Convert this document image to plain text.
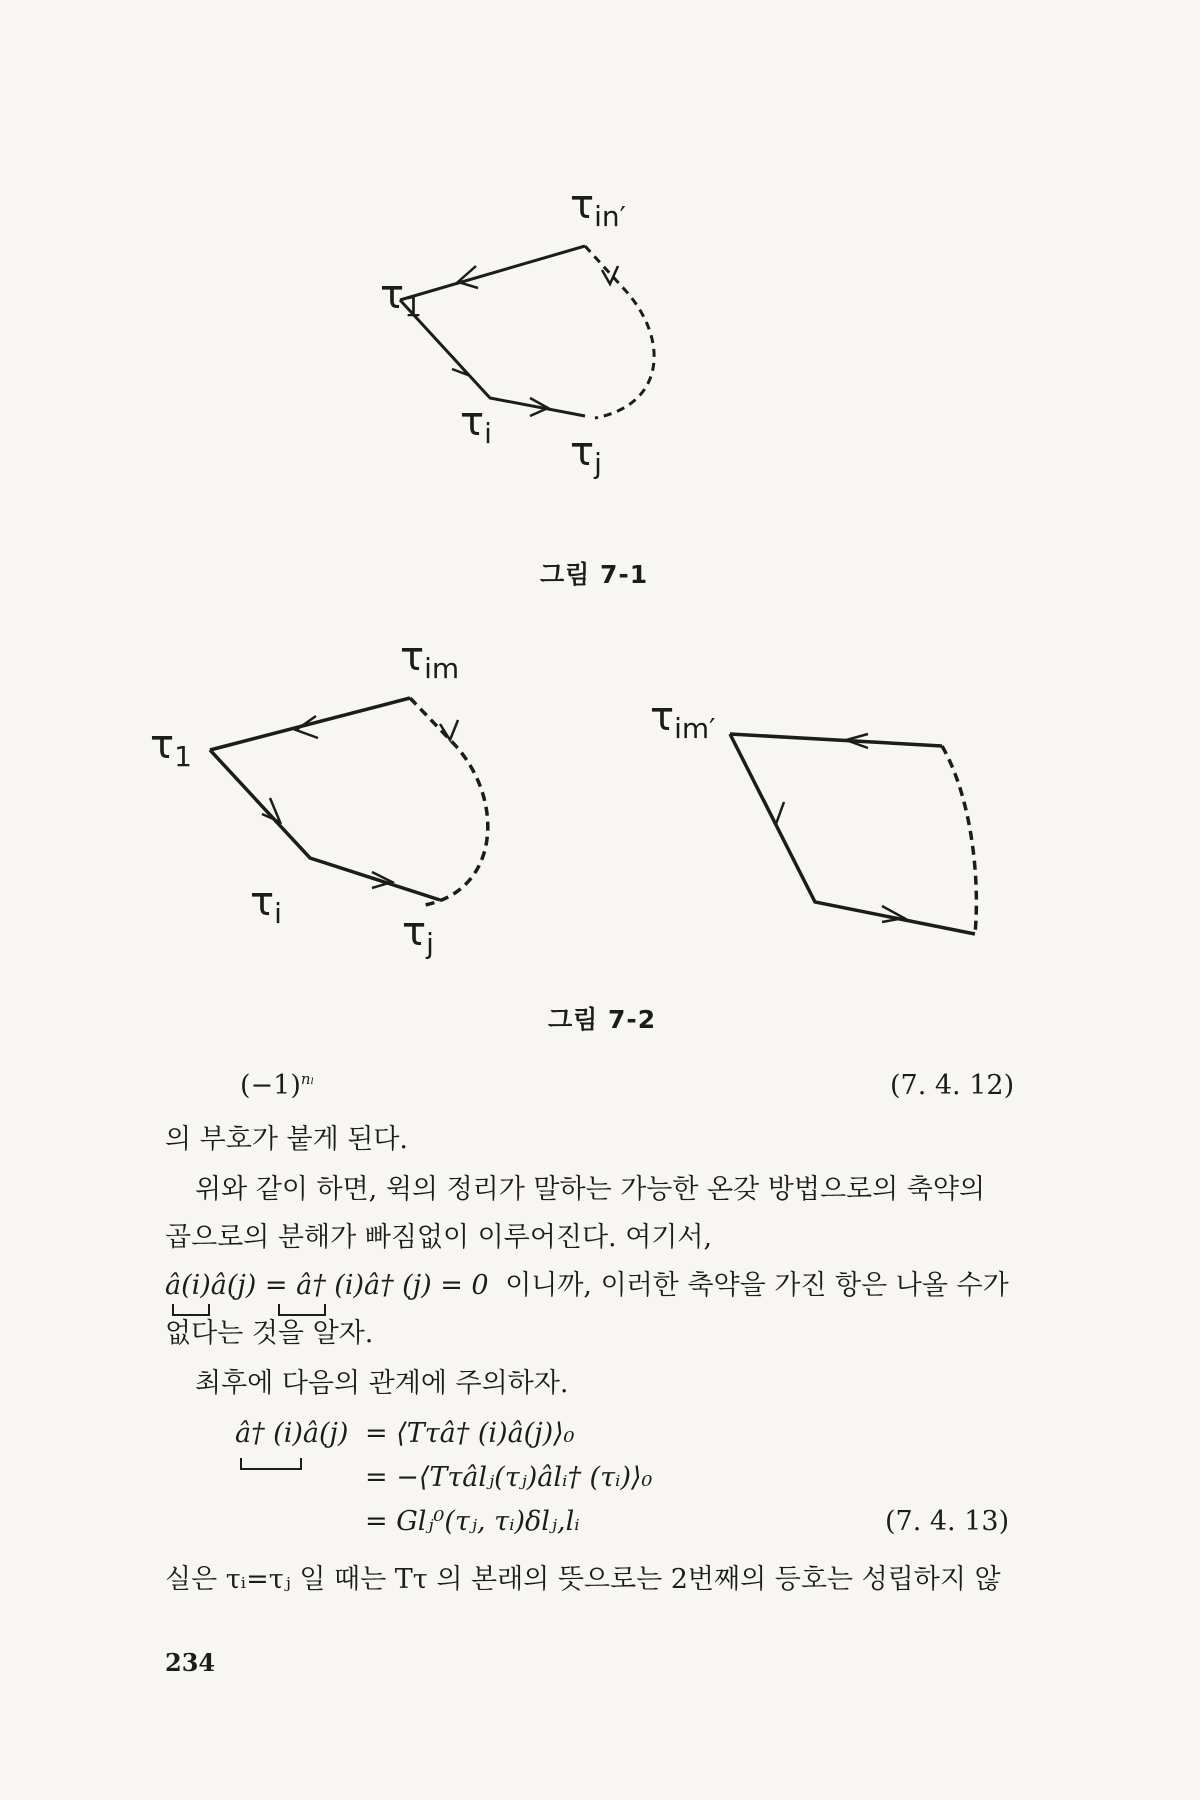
$\tau_1$
$\tau_{in'}$
$\tau_i$ $\tau_j$
그림 7-1
$\tau_1$
$\tau_{im}$
$\tau_i$	$\tau_j$
$\tau_{im'}$
그림 7-2
$(-1)^{n_l}$	(7. 4. 12)
의 부호가 붙게 된다.
위와 같이 하면, 윅의 정리가 말하는 가능한 온갖 방법으로의 축약의
곱으로의 분해가 빠짐없이 이루어진다. 여기서,
â(i)â(j) = â† (i)â† (j) = 0 이니까, 이러한 축약을 가진 항은 나올 수가
없다는 것을 알자.
최후에 다음의 관계에 주의하자.
â† (i)â(j) = ⟨Tτâ† (i)â(j)⟩₀
= −⟨Tτâlⱼ(τⱼ)âlᵢ† (τᵢ)⟩₀
= Glⱼ⁰(τⱼ, τᵢ)δlⱼ,lᵢ	(7. 4. 13)
실은 τᵢ=τⱼ 일 때는 Tτ 의 본래의 뜻으로는 2번째의 등호는 성립하지 않
234
